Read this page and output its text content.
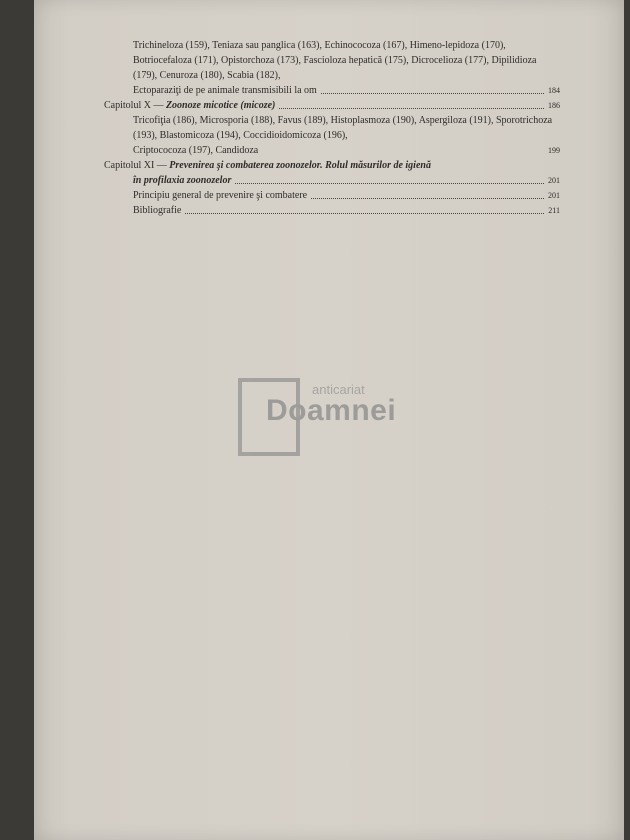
Trichineloza (159), Teniaza sau panglica (163), Echinococoza (167), Himeno-lepidoza (170), Botriocefaloza (171), Opistorchoza (173), Fascioloza hepatică (175), Dicrocelioza (177), Dipilidioza (179), Cenuroza (180), Scabia (182),
Ectoparaziţi de pe animale transmisibili la om	184
Capitolul X — Zoonoze micotice (micoze)	186
Tricofiţia (186), Microsporia (188), Favus (189), Histoplasmoza (190), Aspergiloza (191), Sporotrichoza (193), Blastomicoza (194), Coccidioidomicoza (196),
Criptococoza (197), Candidoza	199
Capitolul XI — Prevenirea şi combaterea zoonozelor. Rolul măsurilor de igienă
în profilaxia zoonozelor	201
Principiu general de prevenire şi combatere	201
Bibliografie	211
anticariat
Doamnei
